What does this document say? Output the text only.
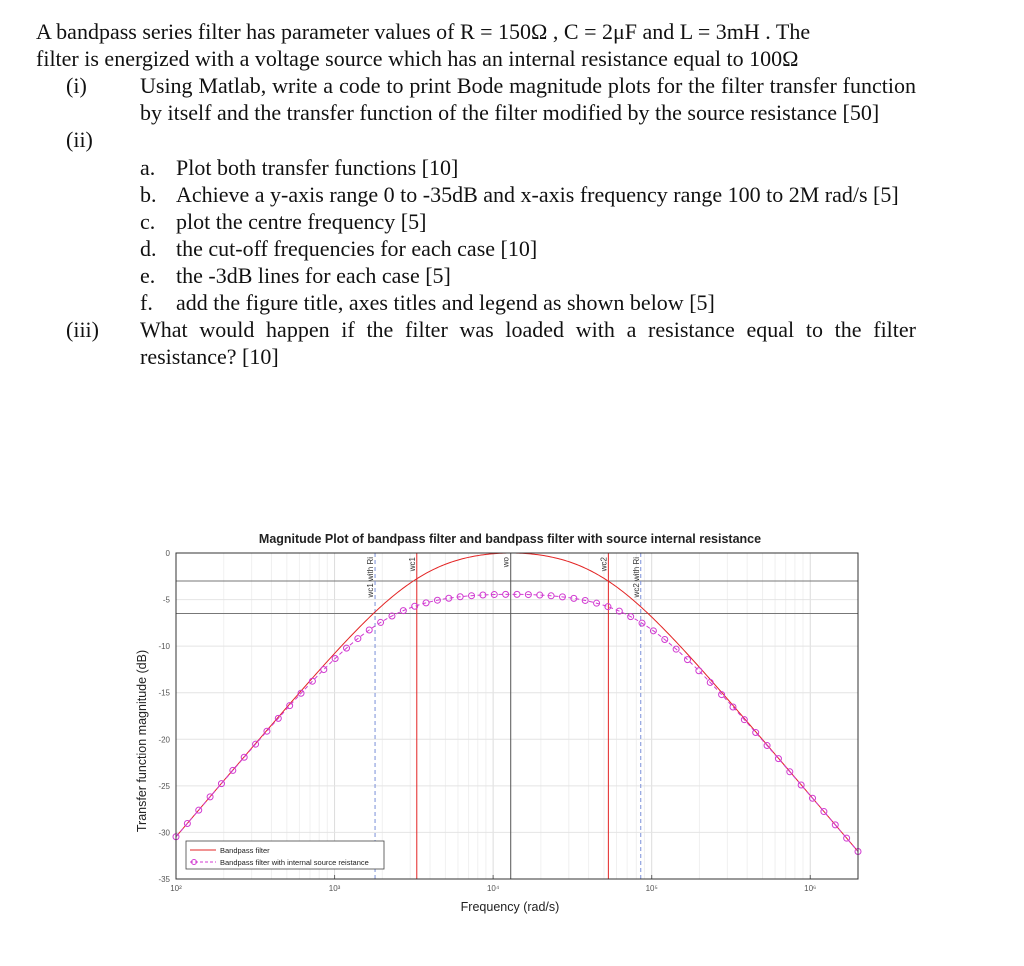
A bandpass series filter has parameter values of R = 150Ω , C = 2μF and L = 3mH . The
filter is energized with a voltage source which has an internal resistance equal to 100Ω

(i)	Using Matlab, write a code to print Bode magnitude plots for the filter transfer function by itself and the transfer function of the filter modified by the source resistance [50]
(ii)
a. Plot both transfer functions [10]
b. Achieve a y-axis range 0 to -35dB and x-axis frequency range 100 to 2M rad/s [5]
c. plot the centre frequency [5]
d. the cut-off frequencies for each case [10]
e. the -3dB lines for each case [5]
f.	add the figure title, axes titles and legend as shown below [5]
(iii)	What would happen if the filter was loaded with a resistance equal to the filter resistance? [10]
Magnitude Plot of bandpass filter and bandpass filter with source internal resistance
Frequency (rad/s)
Transfer function magnitude (dB)
0
-5
-10
-15
-20
-25
-30
-35
10²	10³	10⁴	10⁵	10⁶
wc1 with Ri	wc1	wo	wc2	wc2 with Ri
Bandpass filter
Bandpass filter with internal source reistance
